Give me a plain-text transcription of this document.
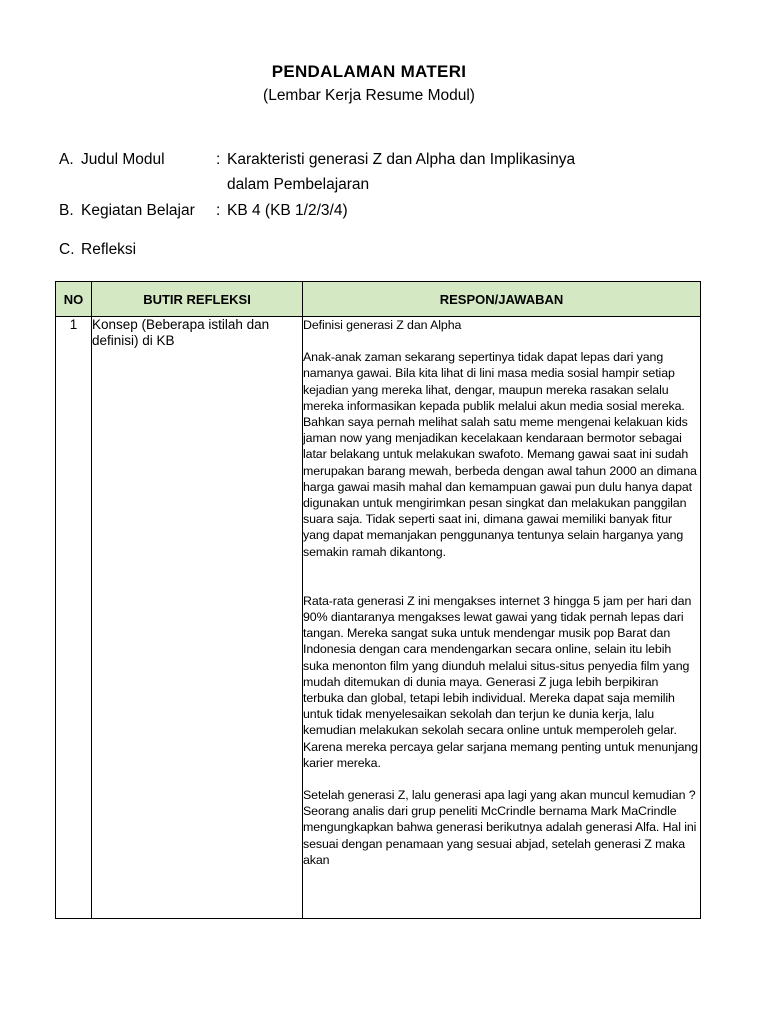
PENDALAMAN MATERI
(Lembar Kerja Resume Modul)
A. Judul Modul	: Karakteristi generasi Z dan Alpha dan Implikasinya
dalam Pembelajaran
B. Kegiatan Belajar : KB 4 (KB 1/2/3/4)
C. Refleksi
NO	BUTIR REFLEKSI	RESPON/JAWABAN
1	Konsep (Beberapa istilah dan definisi) di KB	Definisi generasi Z dan Alpha

Anak-anak zaman sekarang sepertinya tidak dapat lepas dari yang namanya gawai. Bila kita lihat di lini masa media sosial hampir setiap kejadian yang mereka lihat, dengar, maupun mereka rasakan selalu mereka informasikan kepada publik melalui akun media sosial mereka. Bahkan saya pernah melihat salah satu meme mengenai kelakuan kids jaman now yang menjadikan kecelakaan kendaraan bermotor sebagai latar belakang untuk melakukan swafoto. Memang gawai saat ini sudah merupakan barang mewah, berbeda dengan awal tahun 2000 an dimana harga gawai masih mahal dan kemampuan gawai pun dulu hanya dapat digunakan untuk mengirimkan pesan singkat dan melakukan panggilan suara saja. Tidak seperti saat ini, dimana gawai memiliki banyak fitur yang dapat memanjakan penggunanya tentunya selain harganya yang semakin ramah dikantong.

Rata-rata generasi Z ini mengakses internet 3 hingga 5 jam per hari dan 90% diantaranya mengakses lewat gawai yang tidak pernah lepas dari tangan. Mereka sangat suka untuk mendengar musik pop Barat dan Indonesia dengan cara mendengarkan secara online, selain itu lebih suka menonton film yang diunduh melalui situs-situs penyedia film yang mudah ditemukan di dunia maya. Generasi Z juga lebih berpikiran terbuka dan global, tetapi lebih individual. Mereka dapat saja memilih untuk tidak menyelesaikan sekolah dan terjun ke dunia kerja, lalu kemudian melakukan sekolah secara online untuk memperoleh gelar. Karena mereka percaya gelar sarjana memang penting untuk menunjang karier mereka.

Setelah generasi Z, lalu generasi apa lagi yang akan muncul kemudian ? Seorang analis dari grup peneliti McCrindle bernama Mark MaCrindle mengungkapkan bahwa generasi berikutnya adalah generasi Alfa. Hal ini sesuai dengan penamaan yang sesuai abjad, setelah generasi Z maka akan
